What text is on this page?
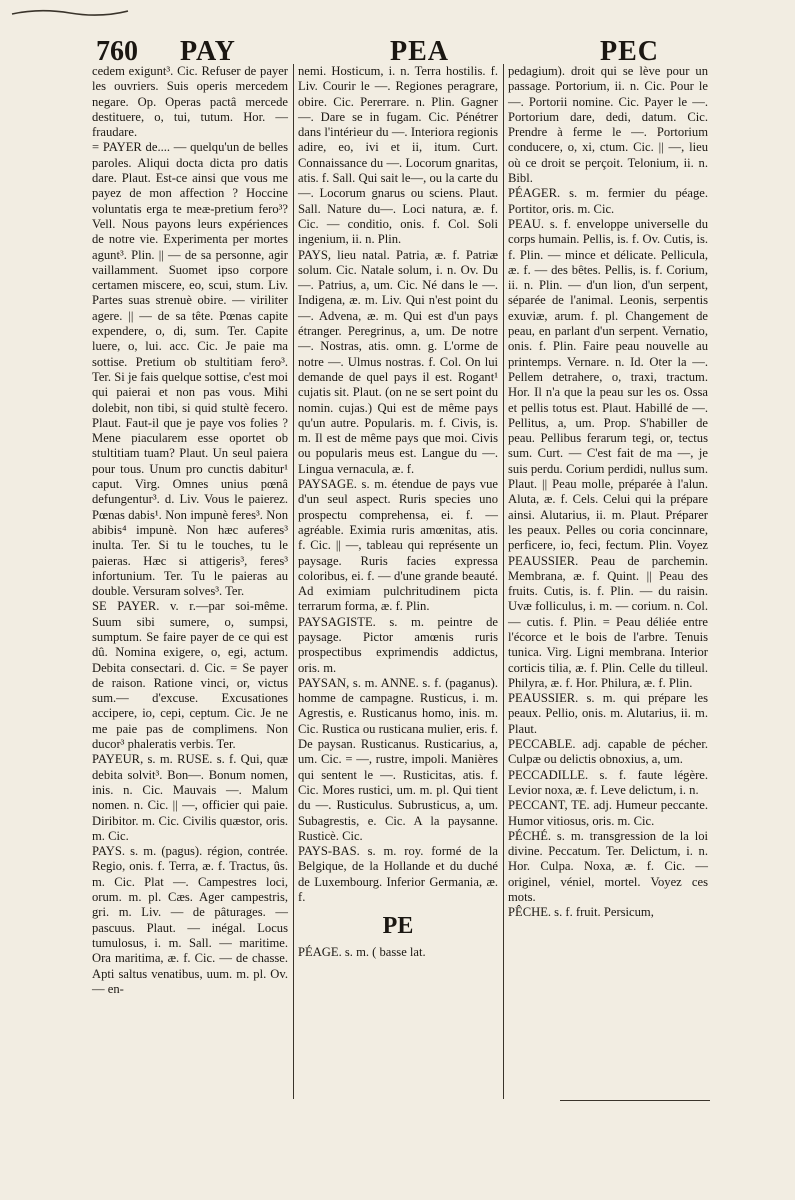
760 PAY	PEA	PEC

cedem exigunt³. Cic. Refuser de payer les ouvriers. Suis operis mercedem negare. Op. Operas pactâ mercede destituere, o, tui, tutum. Hor. — fraudare.

= PAYER de.... — quelqu'un de belles paroles. Aliqui docta dicta pro datis dare. Plaut. Est-ce ainsi que vous me payez de mon affection ? Hoccine voluntatis erga te meæ-pretium fero³? Vell. Nous payons leurs expériences de notre vie. Experimenta per mortes agunt³. Plin. || — de sa personne, agir vaillamment. Suomet ipso corpore certamen miscere, eo, scui, stum. Liv. Partes suas strenuè obire. — viriliter agere. || — de sa tête. Pœnas capite expendere, o, di, sum. Ter. Capite luere, o, lui. acc. Cic. Je paie ma sottise. Pretium ob stultitiam fero³. Ter. Si je fais quelque sottise, c'est moi qui paierai et non pas vous. Mihi dolebit, non tibi, si quid stultè fecero. Plaut. Faut-il que je paye vos folies ? Mene piacularem esse oportet ob stultitiam tuam? Plaut. Un seul paiera pour tous. Unum pro cunctis dabitur¹ caput. Virg. Omnes unius pœnâ defungentur³. d. Liv. Vous le paierez. Pœnas dabis¹. Non impunè feres³. Non abibis⁴ impunè. Non hæc auferes³ inulta. Ter. Si tu le touches, tu le paieras. Hæc si attigeris³, feres³ infortunium. Ter. Tu le paieras au double. Versuram solves³. Ter.

SE PAYER. v. r.—par soi-même. Suum sibi sumere, o, sumpsi, sumptum. Se faire payer de ce qui est dû. Nomina exigere, o, egi, actum. Debita consectari. d. Cic. = Se payer de raison. Ratione vinci, or, victus sum.— d'excuse. Excusationes accipere, io, cepi, ceptum. Cic. Je ne me paie pas de complimens. Non ducor³ phaleratis verbis. Ter.

PAYEUR, s. m. RUSE. s. f. Qui, quæ debita solvit³. Bon—. Bonum nomen, inis. n. Cic. Mauvais —. Malum nomen. n. Cic. || —, officier qui paie. Diribitor. m. Cic. Civilis quæstor, oris. m. Cic.

PAYS. s. m. (pagus). région, contrée. Regio, onis. f. Terra, æ. f. Tractus, ûs. m. Cic. Plat —. Campestres loci, orum. m. pl. Cæs. Ager campestris, gri. m. Liv. — de pâturages. — pascuus. Plaut. — inégal. Locus tumulosus, i. m. Sall. — maritime. Ora maritima, æ. f. Cic. — de chasse. Apti saltus venatibus, uum. m. pl. Ov. — en-

nemi. Hosticum, i. n. Terra hostilis. f. Liv. Courir le —. Regiones peragrare, obire. Cic. Pererrare. n. Plin. Gagner —. Dare se in fugam. Cic. Pénétrer dans l'intérieur du —. Interiora regionis adire, eo, ivi et ii, itum. Curt. Connaissance du —. Locorum gnaritas, atis. f. Sall. Qui sait le—, ou la carte du—. Locorum gnarus ou sciens. Plaut. Sall. Nature du—. Loci natura, æ. f. Cic. — conditio, onis. f. Col. Soli ingenium, ii. n. Plin.

PAYS, lieu natal. Patria, æ. f. Patriæ solum. Cic. Natale solum, i. n. Ov. Du —. Patrius, a, um. Cic. Né dans le —. Indigena, æ. m. Liv. Qui n'est point du —. Advena, æ. m. Qui est d'un pays étranger. Peregrinus, a, um. De notre —. Nostras, atis. omn. g. L'orme de notre —. Ulmus nostras. f. Col. On lui demande de quel pays il est. Rogant¹ cujatis sit. Plaut. (on ne se sert point du nomin. cujas.) Qui est de même pays qu'un autre. Popularis. m. f. Civis, is. m. Il est de même pays que moi. Civis ou popularis meus est. Langue du —. Lingua vernacula, æ. f.

PAYSAGE. s. m. étendue de pays vue d'un seul aspect. Ruris species uno prospectu comprehensa, ei. f. — agréable. Eximia ruris amœnitas, atis. f. Cic. || —, tableau qui représente un paysage. Ruris facies expressa coloribus, ei. f. — d'une grande beauté. Ad eximiam pulchritudinem picta terrarum forma, æ. f. Plin.

PAYSAGISTE. s. m. peintre de paysage. Pictor amœnis ruris prospectibus exprimendis addictus, oris. m.

PAYSAN, s. m. ANNE. s. f. (paganus). homme de campagne. Rusticus, i. m. Agrestis, e. Rusticanus homo, inis. m. Cic. Rustica ou rusticana mulier, eris. f. De paysan. Rusticanus. Rusticarius, a, um. Cic. = —, rustre, impoli. Manières qui sentent le —. Rusticitas, atis. f. Cic. Mores rustici, um. m. pl. Qui tient du —. Rusticulus. Subrusticus, a, um. Subagrestis, e. Cic. A la paysanne. Rusticè. Cic.

PAYS-BAS. s. m. roy. formé de la Belgique, de la Hollande et du duché de Luxembourg. Inferior Germania, æ. f.

PE

PÉAGE. s. m. ( basse lat.

pedagium). droit qui se lève pour un passage. Portorium, ii. n. Cic. Pour le —. Portorii nomine. Cic. Payer le —. Portorium dare, dedi, datum. Cic. Prendre à ferme le —. Portorium conducere, o, xi, ctum. Cic. || —, lieu où ce droit se perçoit. Telonium, ii. n. Bibl.

PÉAGER. s. m. fermier du péage. Portitor, oris. m. Cic.

PEAU. s. f. enveloppe universelle du corps humain. Pellis, is. f. Ov. Cutis, is. f. Plin. — mince et délicate. Pellicula, æ. f. — des bêtes. Pellis, is. f. Corium, ii. n. Plin. — d'un lion, d'un serpent, séparée de l'animal. Leonis, serpentis exuviæ, arum. f. pl. Changement de peau, en parlant d'un serpent. Vernatio, onis. f. Plin. Faire peau nouvelle au printemps. Vernare. n. Id. Oter la —. Pellem detrahere, o, traxi, tractum. Hor. Il n'a que la peau sur les os. Ossa et pellis totus est. Plaut. Habillé de —. Pellitus, a, um. Prop. S'habiller de peau. Pellibus ferarum tegi, or, tectus sum. Curt. — C'est fait de ma —, je suis perdu. Corium perdidi, nullus sum. Plaut. || Peau molle, préparée à l'alun. Aluta, æ. f. Cels. Celui qui la prépare ainsi. Alutarius, ii. m. Plaut. Préparer les peaux. Pelles ou coria concinnare, perficere, io, feci, fectum. Plin. Voyez PEAUSSIER. Peau de parchemin. Membrana, æ. f. Quint. || Peau des fruits. Cutis, is. f. Plin. — du raisin. Uvæ folliculus, i. m. — corium. n. Col. — cutis. f. Plin. = Peau déliée entre l'écorce et le bois de l'arbre. Tenuis tunica. Virg. Ligni membrana. Interior corticis tilia, æ. f. Plin. Celle du tilleul. Philyra, æ. f. Hor. Philura, æ. f. Plin.

PEAUSSIER. s. m. qui prépare les peaux. Pellio, onis. m. Alutarius, ii. m. Plaut.

PECCABLE. adj. capable de pécher. Culpæ ou delictis obnoxius, a, um.

PECCADILLE. s. f. faute légère. Levior noxa, æ. f. Leve delictum, i. n.

PECCANT, TE. adj. Humeur peccante. Humor vitiosus, oris. m. Cic.

PÉCHÉ. s. m. transgression de la loi divine. Peccatum. Ter. Delictum, i. n. Hor. Culpa. Noxa, æ. f. Cic. — originel, véniel, mortel. Voyez ces mots.

PÊCHE. s. f. fruit. Persicum,
